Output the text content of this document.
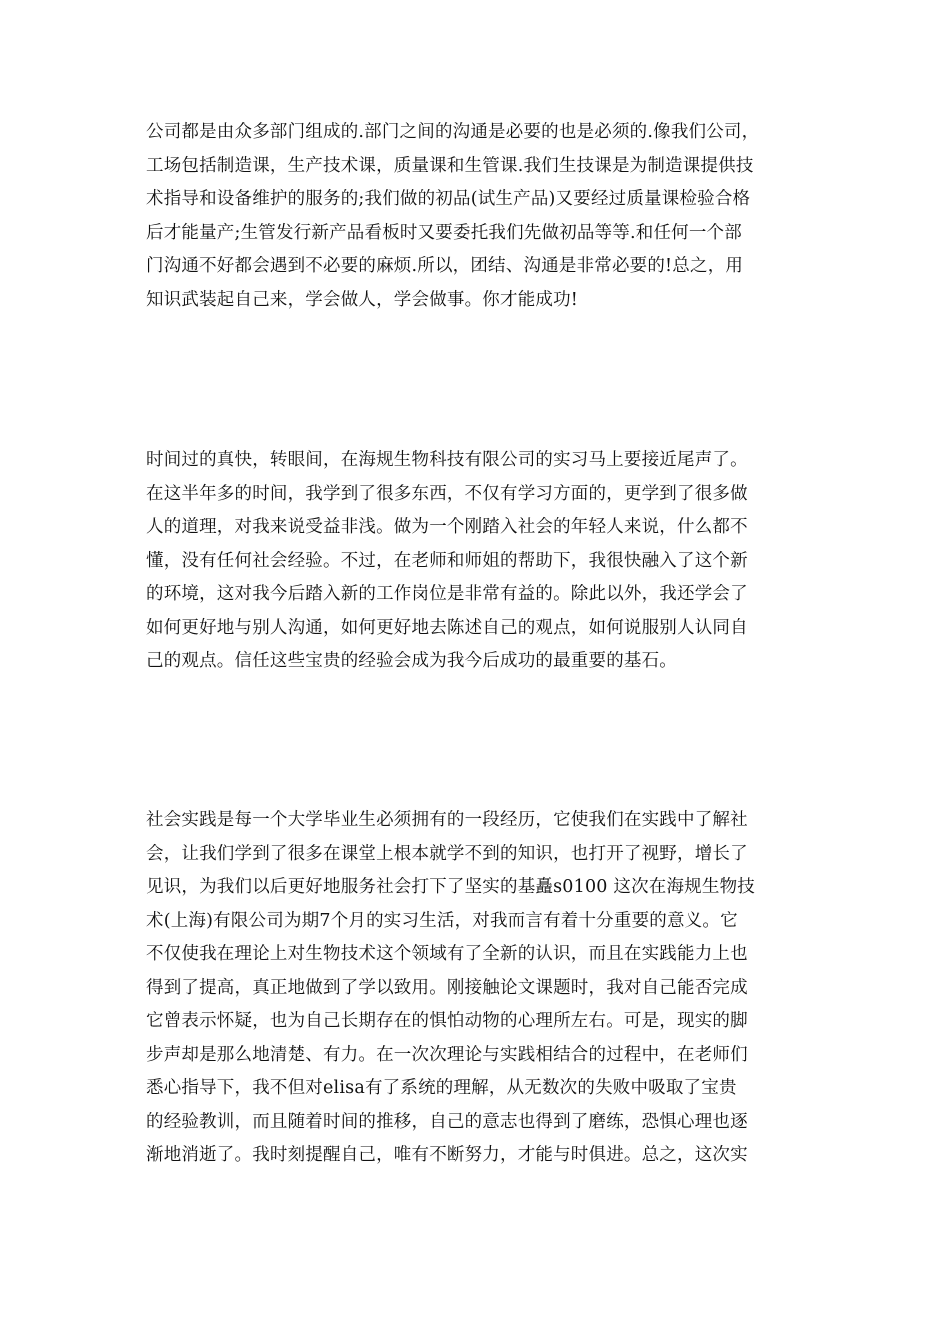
公司都是由众多部门组成的.部门之间的沟通是必要的也是必须的.像我们公司，
工场包括制造课，生产技术课，质量课和生管课.我们生技课是为制造课提供技
术指导和设备维护的服务的;我们做的初品(试生产品)又要经过质量课检验合格
后才能量产;生管发行新产品看板时又要委托我们先做初品等等.和任何一个部
门沟通不好都会遇到不必要的麻烦.所以，团结、沟通是非常必要的!总之，用
知识武装起自己来，学会做人，学会做事。你才能成功!
时间过的真快，转眼间，在海规生物科技有限公司的实习马上要接近尾声了。
在这半年多的时间，我学到了很多东西，不仅有学习方面的，更学到了很多做
人的道理，对我来说受益非浅。做为一个刚踏入社会的年轻人来说，什么都不
懂，没有任何社会经验。不过，在老师和师姐的帮助下，我很快融入了这个新
的环境，这对我今后踏入新的工作岗位是非常有益的。除此以外，我还学会了
如何更好地与别人沟通，如何更好地去陈述自己的观点，如何说服别人认同自
己的观点。信任这些宝贵的经验会成为我今后成功的最重要的基石。
社会实践是每一个大学毕业生必须拥有的一段经历，它使我们在实践中了解社
会，让我们学到了很多在课堂上根本就学不到的知识，也打开了视野，增长了
见识，为我们以后更好地服务社会打下了坚实的基矗s0100 这次在海规生物技
术(上海)有限公司为期7个月的实习生活，对我而言有着十分重要的意义。它
不仅使我在理论上对生物技术这个领域有了全新的认识，而且在实践能力上也
得到了提高，真正地做到了学以致用。刚接触论文课题时，我对自己能否完成
它曾表示怀疑，也为自己长期存在的惧怕动物的心理所左右。可是，现实的脚
步声却是那么地清楚、有力。在一次次理论与实践相结合的过程中，在老师们
悉心指导下，我不但对elisa有了系统的理解，从无数次的失败中吸取了宝贵
的经验教训，而且随着时间的推移，自己的意志也得到了磨练，恐惧心理也逐
渐地消逝了。我时刻提醒自己，唯有不断努力，才能与时俱进。总之，这次实
